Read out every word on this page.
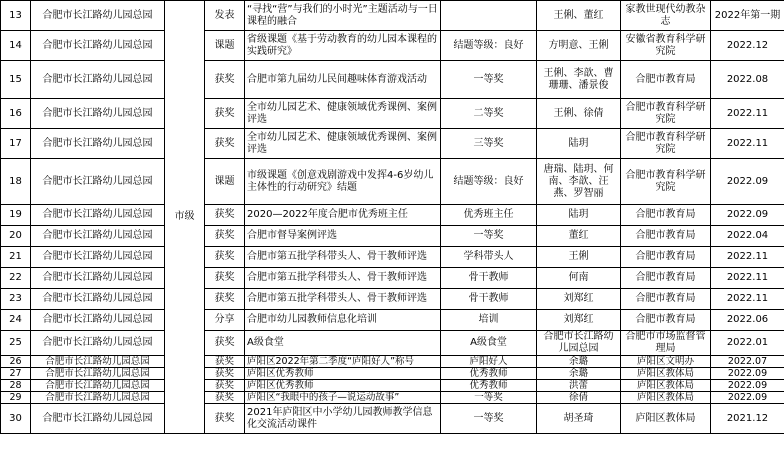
13	合肥市长江路幼儿园总园	市级	发表	“寻找“营”与我们的小时光”主题活动与一日课程的融合		王俐、董红	家教世现代幼教杂志	2022年第一期
14	合肥市长江路幼儿园总园		课题	省级课题《基于劳动教育的幼儿园本课程的实践研究》	结题等级：良好	方明意、王俐	安徽省教育科学研究院	2022.12
15	合肥市长江路幼儿园总园		获奖	合肥市第九届幼儿民间趣味体育游戏活动	一等奖	王俐、李歆、曹珊珊、潘景俊	合肥市教育局	2022.08
16	合肥市长江路幼儿园总园		获奖	全市幼儿园艺术、健康领域优秀课例、案例评选	二等奖	王俐、徐倩	合肥市教育科学研究院	2022.11
17	合肥市长江路幼儿园总园		获奖	全市幼儿园艺术、健康领域优秀课例、案例评选	三等奖	陆玥	合肥市教育科学研究院	2022.11
18	合肥市长江路幼儿园总园		课题	市级课题《创意戏剧游戏中发挥4-6岁幼儿主体性的行动研究》结题	结题等级：良好	唐瑞、陆玥、何南、李歆、汪燕、罗智丽	合肥市教育科学研究院	2022.09
19	合肥市长江路幼儿园总园		获奖	2020—2022年度合肥市优秀班主任	优秀班主任	陆玥	合肥市教育局	2022.09
20	合肥市长江路幼儿园总园		获奖	合肥市督导案例评选	一等奖	董红	合肥市教育局	2022.04
21	合肥市长江路幼儿园总园		获奖	合肥市第五批学科带头人、骨干教师评选	学科带头人	王俐	合肥市教育局	2022.11
22	合肥市长江路幼儿园总园		获奖	合肥市第五批学科带头人、骨干教师评选	骨干教师	何南	合肥市教育局	2022.11
23	合肥市长江路幼儿园总园		获奖	合肥市第五批学科带头人、骨干教师评选	骨干教师	刘郑红	合肥市教育局	2022.11
24	合肥市长江路幼儿园总园		分享	合肥市幼儿园教师信息化培训	培训	刘郑红	合肥市教育局	2022.06
25	合肥市长江路幼儿园总园		获奖	A级食堂	A级食堂	合肥市长江路幼儿园总园	合肥市市场监督管理局	2022.01
26	合肥市长江路幼儿园总园		获奖	庐阳区2022年第二季度“庐阳好人”称号	庐阳好人	余璐	庐阳区文明办	2022.07
27	合肥市长江路幼儿园总园		获奖	庐阳区优秀教师	优秀教师	余璐	庐阳区教体局	2022.09
28	合肥市长江路幼儿园总园		获奖	庐阳区优秀教师	优秀教师	洪蕾	庐阳区教体局	2022.09
29	合肥市长江路幼儿园总园		获奖	庐阳区“我眼中的孩子—说运动故事”	一等奖	徐倩	庐阳区教体局	2022.09
30	合肥市长江路幼儿园总园		获奖	2021年庐阳区中小学幼儿园教师教学信息化交流活动课件	一等奖	胡圣琦	庐阳区教体局	2021.12
